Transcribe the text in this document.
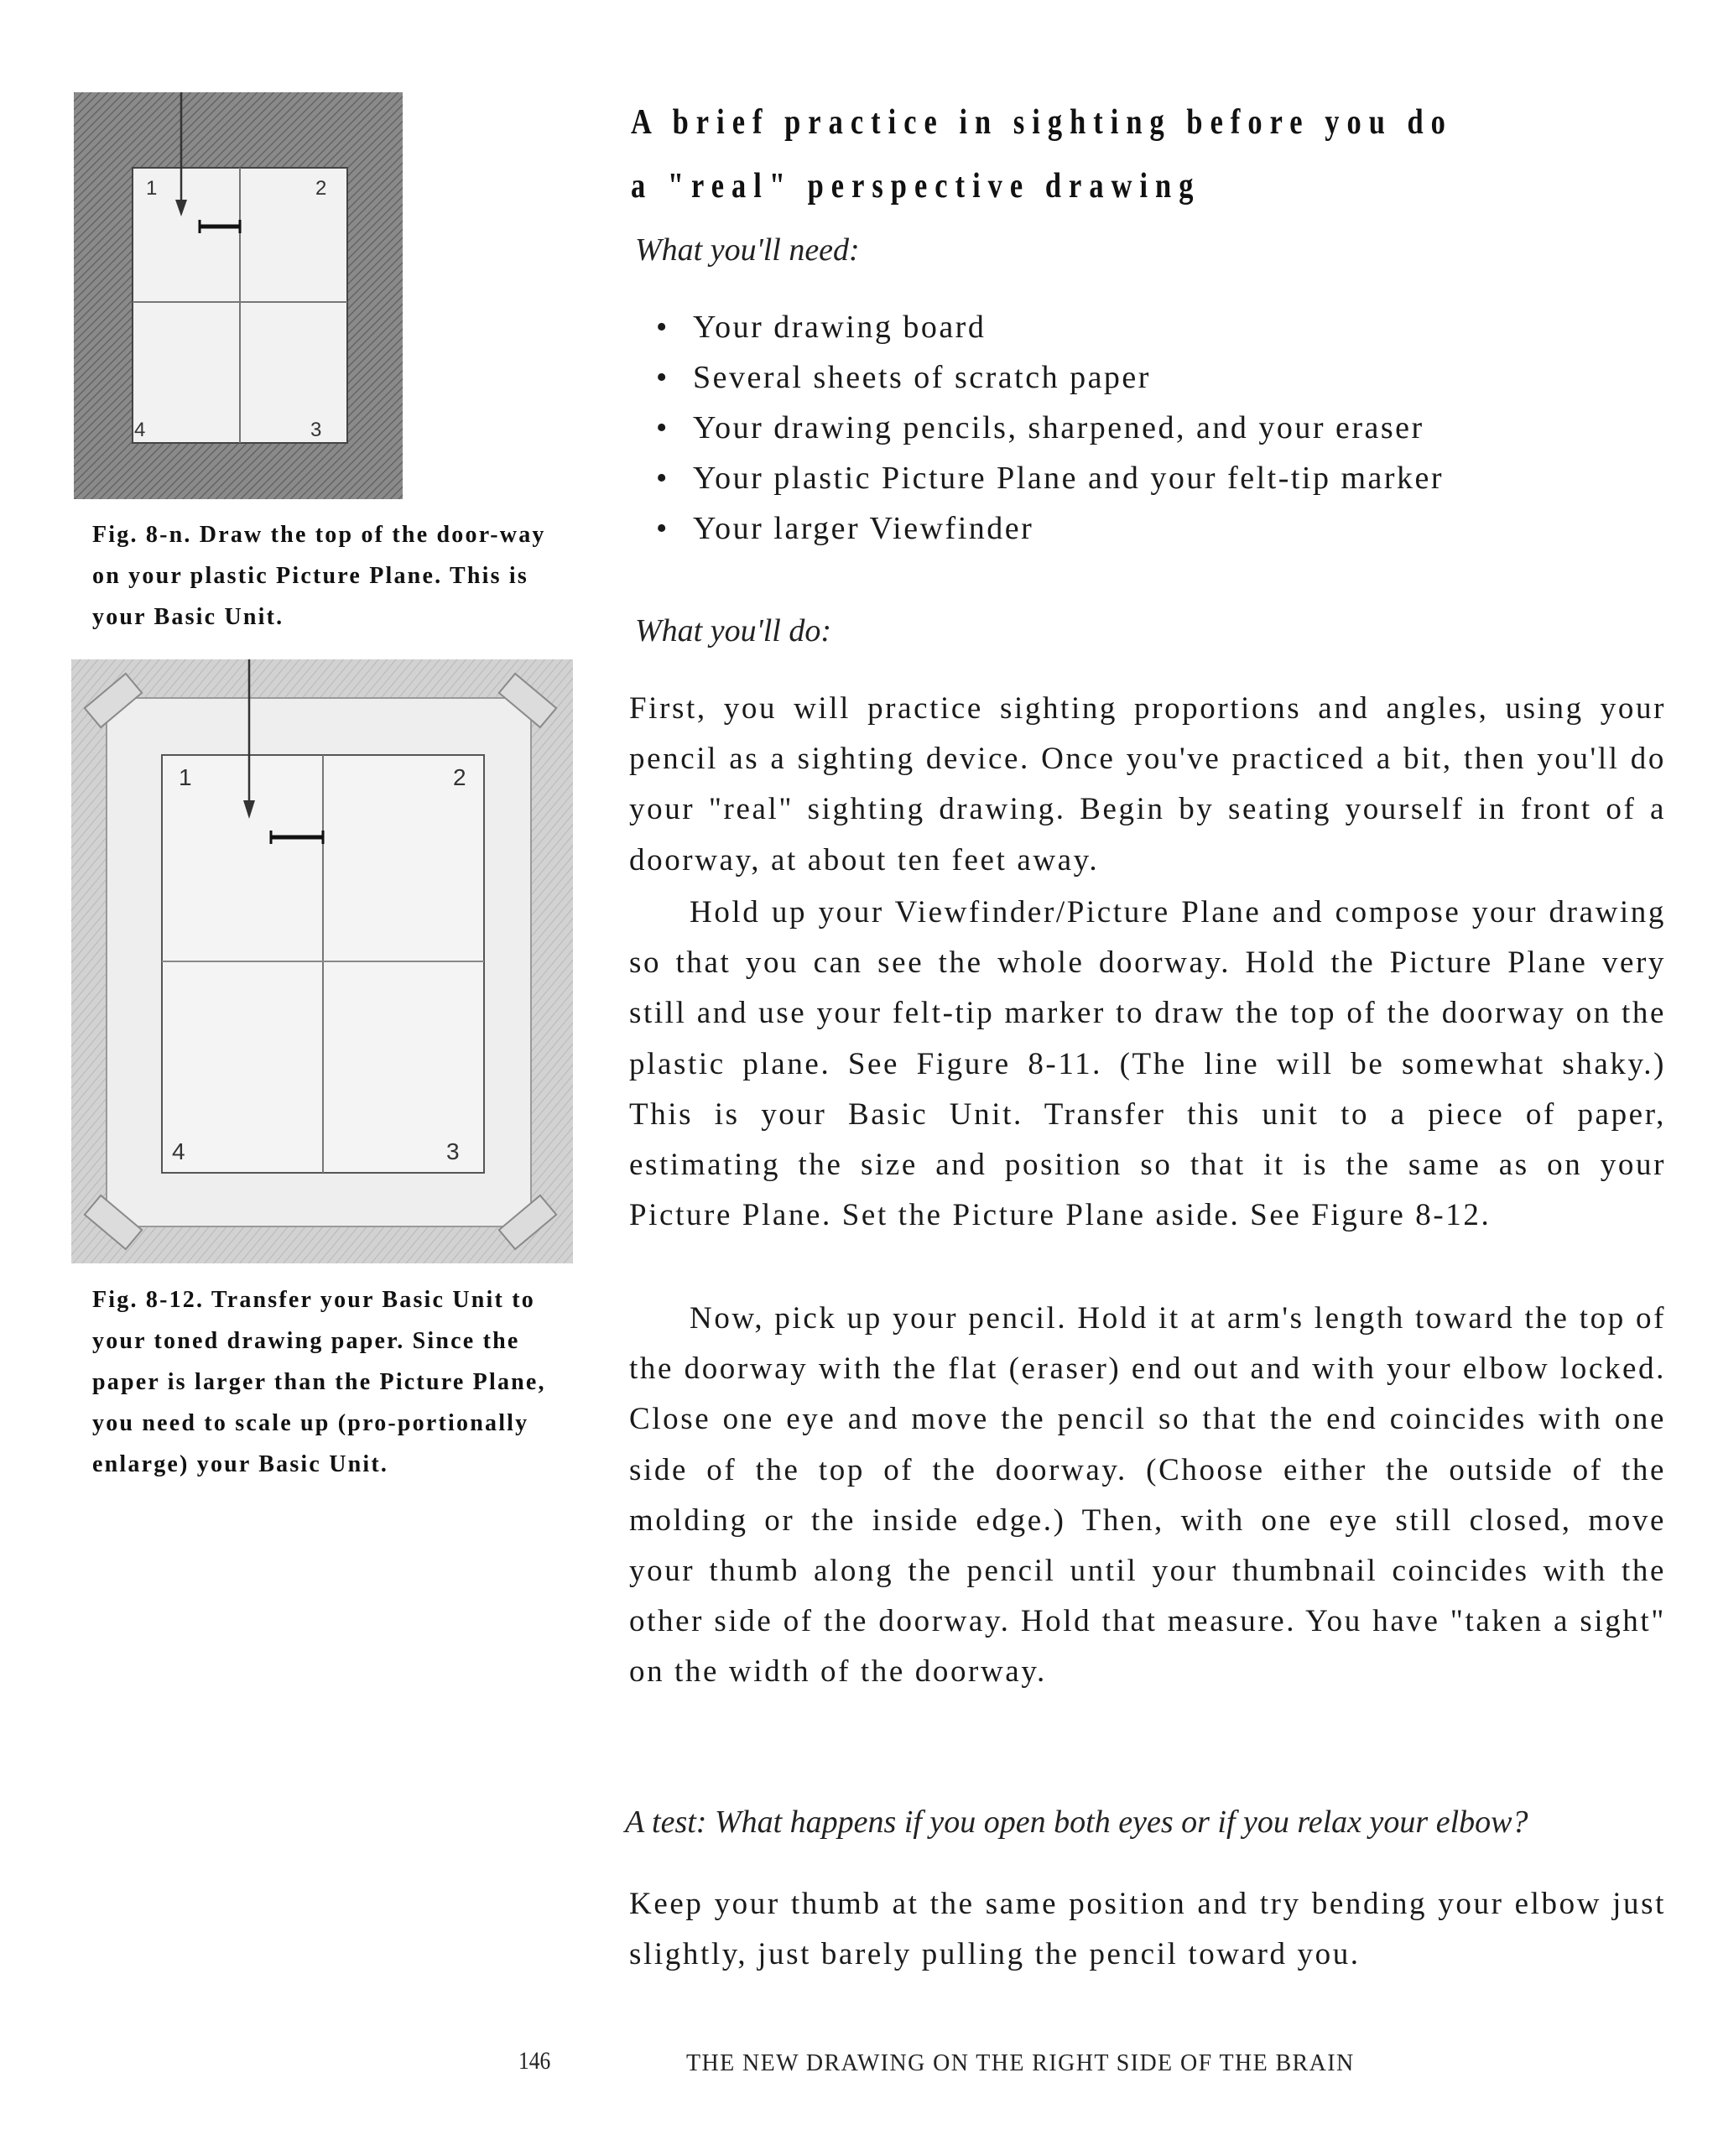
1	2
3
4
Fig. 8-n. Draw the top of the door-way on your plastic Picture Plane. This is your Basic Unit.
1	2
3
4
Fig. 8-12. Transfer your Basic Unit to your toned drawing paper. Since the paper is larger than the Picture Plane, you need to scale up (pro-portionally enlarge) your Basic Unit.
A brief practice in sighting before you do a "real" perspective drawing
What you'll need:
• Your drawing board
• Several sheets of scratch paper
• Your drawing pencils, sharpened, and your eraser
• Your plastic Picture Plane and your felt-tip marker
• Your larger Viewfinder
What you'll do:

First, you will practice sighting proportions and angles, using your pencil as a sighting device. Once you've practiced a bit, then you'll do your "real" sighting drawing. Begin by seating yourself in front of a doorway, at about ten feet away.

Hold up your Viewfinder/Picture Plane and compose your drawing so that you can see the whole doorway. Hold the Picture Plane very still and use your felt-tip marker to draw the top of the doorway on the plastic plane. See Figure 8-11. (The line will be somewhat shaky.) This is your Basic Unit. Transfer this unit to a piece of paper, estimating the size and position so that it is the same as on your Picture Plane. Set the Picture Plane aside. See Figure 8-12.

Now, pick up your pencil. Hold it at arm's length toward the top of the doorway with the flat (eraser) end out and with your elbow locked. Close one eye and move the pencil so that the end coincides with one side of the top of the doorway. (Choose either the outside of the molding or the inside edge.) Then, with one eye still closed, move your thumb along the pencil until your thumbnail coincides with the other side of the doorway. Hold that measure. You have "taken a sight" on the width of the doorway.

A test: What happens if you open both eyes or if you relax your elbow?

Keep your thumb at the same position and try bending your elbow just slightly, just barely pulling the pencil toward you.

146	THE NEW DRAWING ON THE RIGHT SIDE OF THE BRAIN
